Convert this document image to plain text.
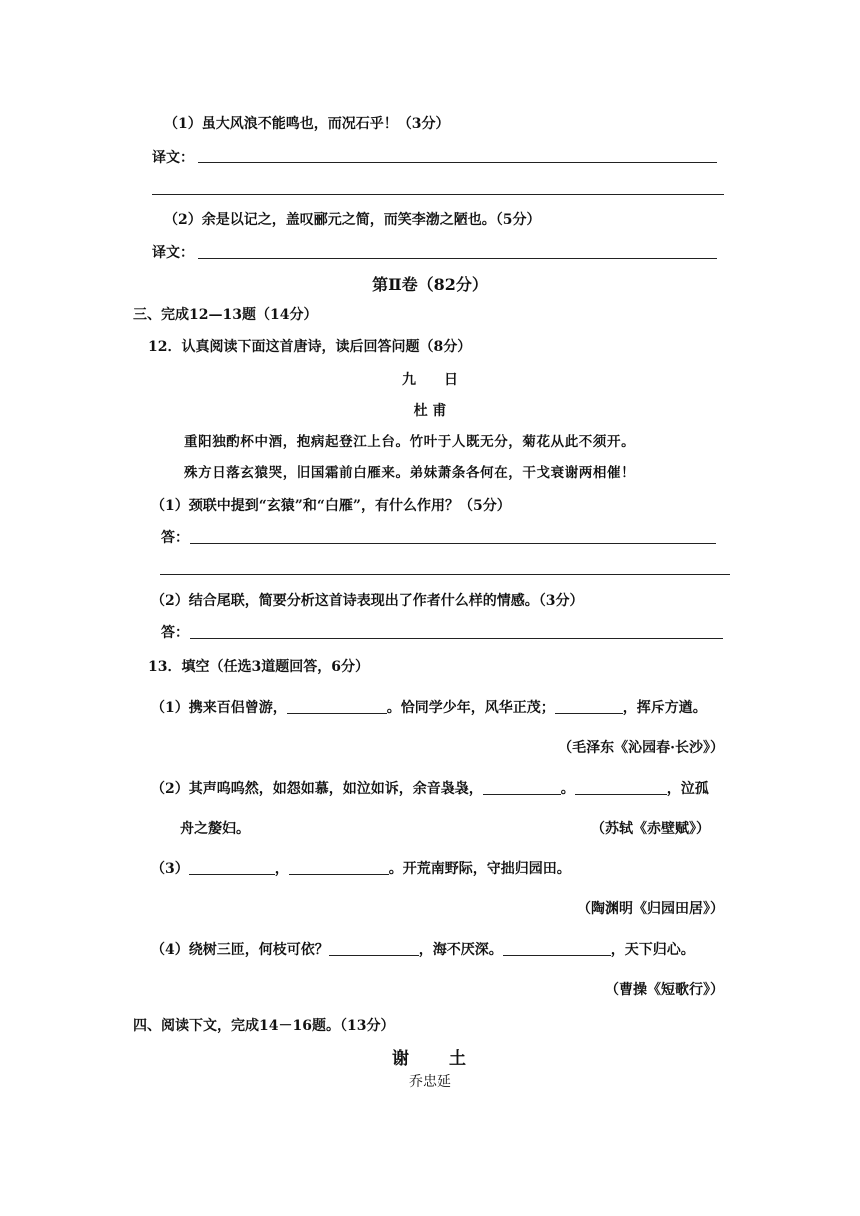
（1）虽大风浪不能鸣也，而况石乎！（3分）
译文：
（2）余是以记之，盖叹郦元之简，而笑李渤之陋也。（5分）
译文：
第Ⅱ卷（82分）
三、完成12—13题（14分）
12．认真阅读下面这首唐诗，读后回答问题（8分）
九　　日
杜 甫
重阳独酌杯中酒，抱病起登江上台。竹叶于人既无分，菊花从此不须开。
殊方日落玄猿哭，旧国霜前白雁来。弟妹萧条各何在，干戈衰谢两相催！
（1）颈联中提到“玄猿”和“白雁”，有什么作用？（5分）
答：
（2）结合尾联，简要分析这首诗表现出了作者什么样的情感。（3分）
答：
13．填空（任选3道题回答，6分）
（1）携来百侣曾游，	。恰同学少年，风华正茂；	，挥斥方遒。
（毛泽东《沁园春·长沙》）
（2）其声呜呜然，如怨如慕，如泣如诉，余音袅袅，	。	，泣孤
舟之嫠妇。	（苏轼《赤壁赋》）
（3）	，	。开荒南野际，守拙归园田。
（陶渊明《归园田居》）
（4）绕树三匝，何枝可依？	，海不厌深。	，天下归心。
（曹操《短歌行》）
四、阅读下文，完成14－16题。（13分）
谢　　土
乔忠延
